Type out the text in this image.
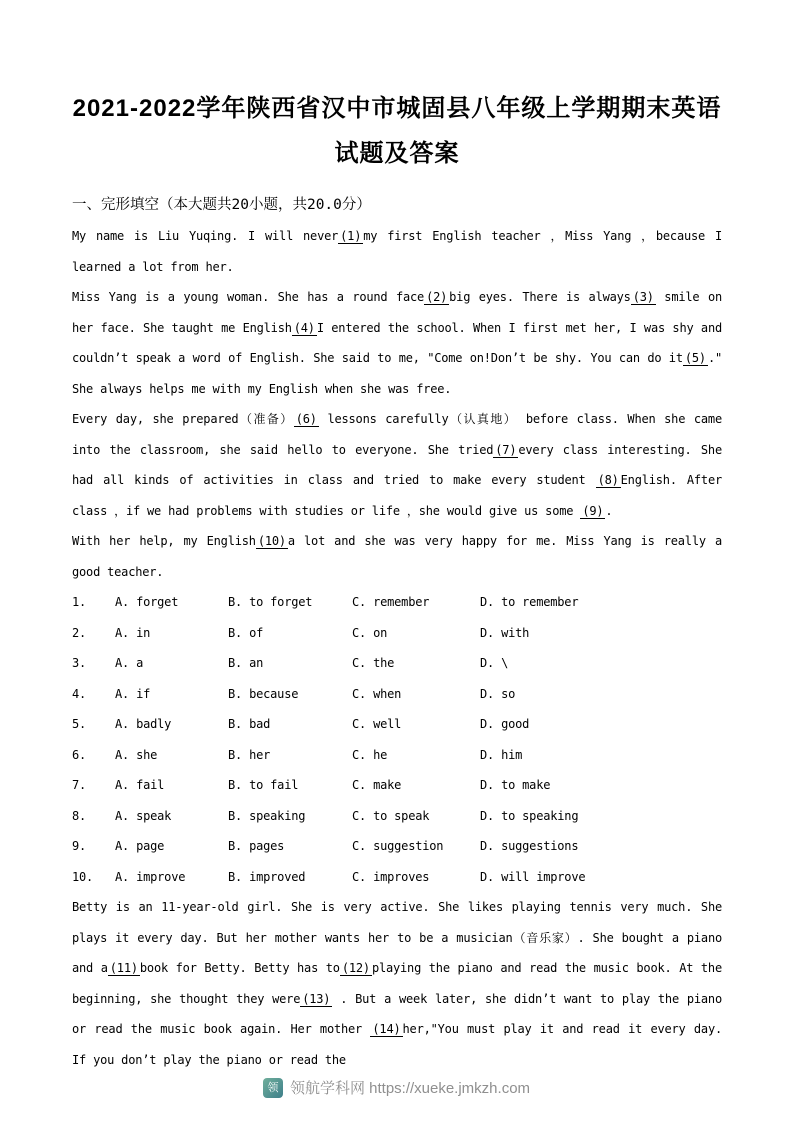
2021-2022学年陕西省汉中市城固县八年级上学期期末英语试题及答案

一、完形填空（本大题共20小题，共20.0分）

My name is Liu Yuqing. I will never (1) my first English teacher ，Miss Yang ，because I learned a lot from her.

Miss Yang is a young woman. She has a round face (2) big eyes. There is always (3) smile on her face. She taught me English (4) I entered the school. When I first met her, I was shy and couldn’t speak a word of English. She said to me, "Come on!Don’t be shy. You can do it (5) ." She always helps me with my English when she was free.

Every day, she prepared（准备） (6) lessons carefully（认真地） before class. When she came into the classroom, she said hello to everyone. She tried (7) every class interesting. She had all kinds of activities in class and tried to make every student (8) English. After class ，if we had problems with studies or life ，she would give us some (9) .

With her help, my English (10) a lot and she was very happy for me. Miss Yang is really a good teacher.

1.	A. forget	B. to forget	C. remember	D. to remember
2.	A. in	B. of	C. on	D. with
3.	A. a	B. an	C. the	D. \
4.	A. if	B. because	C. when	D. so
5.	A. badly	B. bad	C. well	D. good
6.	A. she	B. her	C. he	D. him
7.	A. fail	B. to fail	C. make	D. to make
8.	A. speak	B. speaking	C. to speak	D. to speaking
9.	A. page	B. pages	C. suggestion	D. suggestions
10.	A. improve	B. improved	C. improves	D. will improve

Betty is an 11-year-old girl. She is very active. She likes playing tennis very much. She plays it every day. But her mother wants her to be a musician（音乐家）. She bought a piano and a (11) book for Betty. Betty has to (12) playing the piano and read the music book. At the beginning, she thought they were (13) . But a week later, she didn’t want to play the piano or read the music book again. Her mother (14) her,"You must play it and read it every day. If you don’t play the piano or read the

领 领航学科网 https://xueke.jmkzh.com
